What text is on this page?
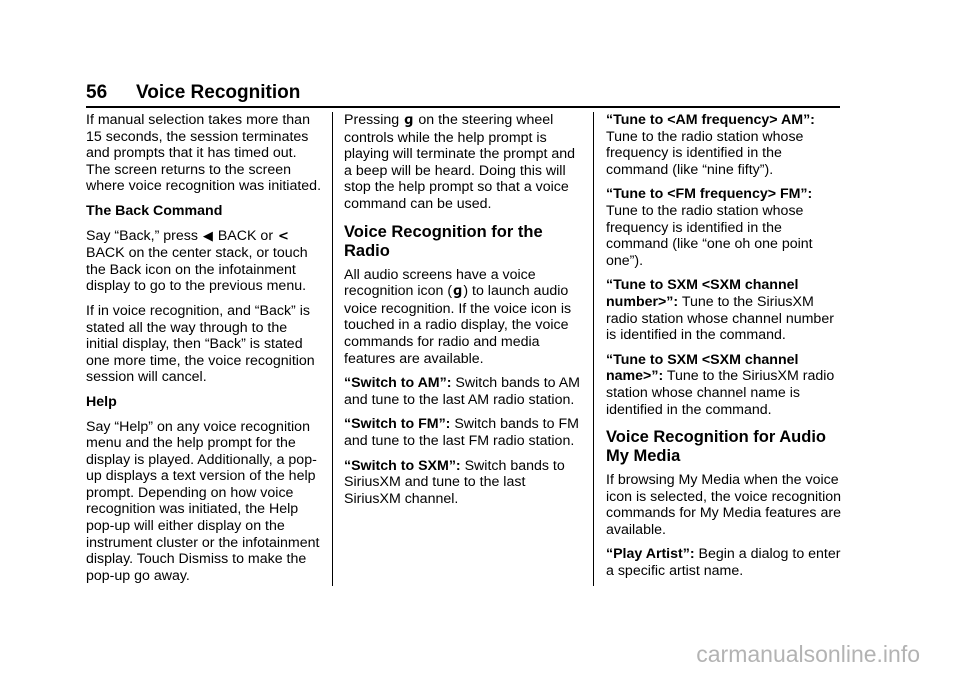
56 Voice Recognition

If manual selection takes more than 15 seconds, the session terminates and prompts that it has timed out. The screen returns to the screen where voice recognition was initiated.

The Back Command

Say “Back,” press ◀ BACK or < BACK on the center stack, or touch the Back icon on the infotainment display to go to the previous menu.

If in voice recognition, and “Back” is stated all the way through to the initial display, then “Back” is stated one more time, the voice recognition session will cancel.

Help

Say “Help” on any voice recognition menu and the help prompt for the display is played. Additionally, a pop-up displays a text version of the help prompt. Depending on how voice recognition was initiated, the Help pop-up will either display on the instrument cluster or the infotainment display. Touch Dismiss to make the pop-up go away.

Pressing ɡ on the steering wheel controls while the help prompt is playing will terminate the prompt and a beep will be heard. Doing this will stop the help prompt so that a voice command can be used.

Voice Recognition for the Radio

All audio screens have a voice recognition icon (ɡ) to launch audio voice recognition. If the voice icon is touched in a radio display, the voice commands for radio and media features are available.

“Switch to AM”: Switch bands to AM and tune to the last AM radio station.

“Switch to FM”: Switch bands to FM and tune to the last FM radio station.

“Switch to SXM”: Switch bands to SiriusXM and tune to the last SiriusXM channel.

“Tune to <AM frequency> AM”: Tune to the radio station whose frequency is identified in the command (like “nine fifty”).

“Tune to <FM frequency> FM”: Tune to the radio station whose frequency is identified in the command (like “one oh one point one”).

“Tune to SXM <SXM channel number>”: Tune to the SiriusXM radio station whose channel number is identified in the command.

“Tune to SXM <SXM channel name>”: Tune to the SiriusXM radio station whose channel name is identified in the command.

Voice Recognition for Audio My Media

If browsing My Media when the voice icon is selected, the voice recognition commands for My Media features are available.

“Play Artist”: Begin a dialog to enter a specific artist name.

carmanualsonline.info
